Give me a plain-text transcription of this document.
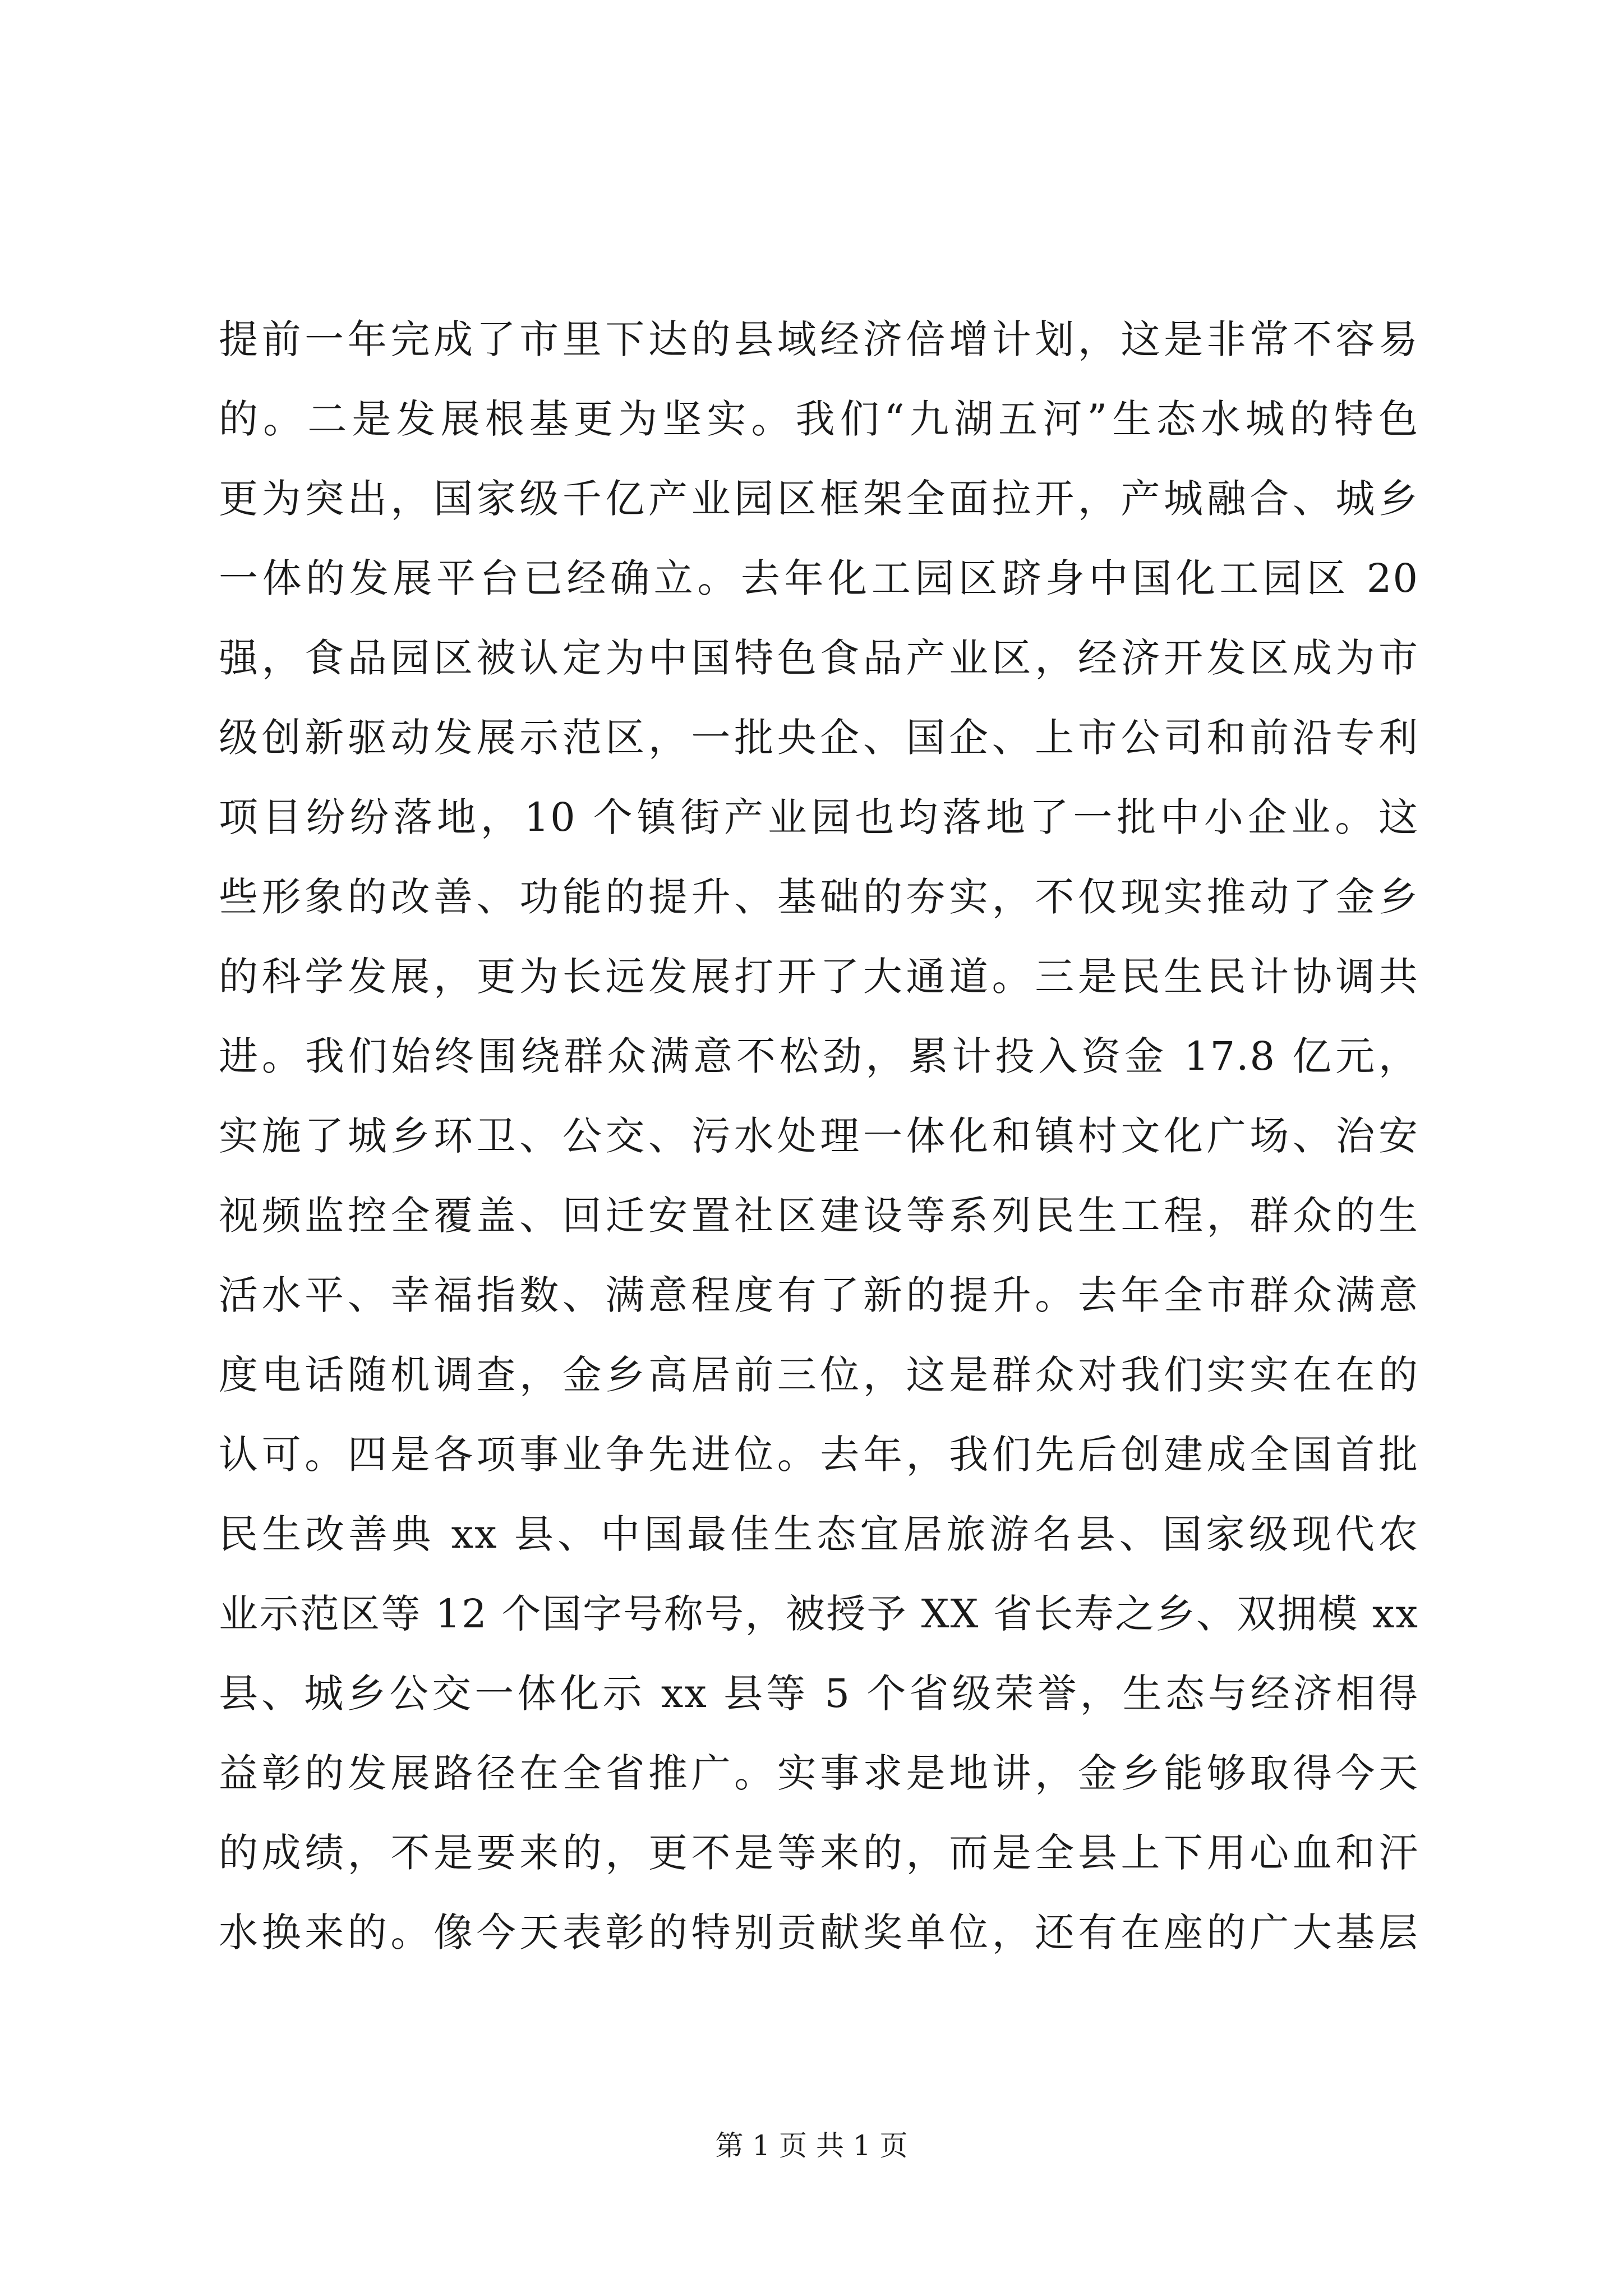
提前一年完成了市里下达的县域经济倍增计划，这是非常不容易
的。二是发展根基更为坚实。我们“九湖五河”生态水城的特色
更为突出，国家级千亿产业园区框架全面拉开，产城融合、城乡
一体的发展平台已经确立。去年化工园区跻身中国化工园区 20
强，食品园区被认定为中国特色食品产业区，经济开发区成为市
级创新驱动发展示范区，一批央企、国企、上市公司和前沿专利
项目纷纷落地，10 个镇街产业园也均落地了一批中小企业。这
些形象的改善、功能的提升、基础的夯实，不仅现实推动了金乡
的科学发展，更为长远发展打开了大通道。三是民生民计协调共
进。我们始终围绕群众满意不松劲，累计投入资金 17.8 亿元，
实施了城乡环卫、公交、污水处理一体化和镇村文化广场、治安
视频监控全覆盖、回迁安置社区建设等系列民生工程，群众的生
活水平、幸福指数、满意程度有了新的提升。去年全市群众满意
度电话随机调查，金乡高居前三位，这是群众对我们实实在在的
认可。四是各项事业争先进位。去年，我们先后创建成全国首批
民生改善典 xx 县、中国最佳生态宜居旅游名县、国家级现代农
业示范区等 12 个国字号称号，被授予 XX 省长寿之乡、双拥模 xx
县、城乡公交一体化示 xx 县等 5 个省级荣誉，生态与经济相得
益彰的发展路径在全省推广。实事求是地讲，金乡能够取得今天
的成绩，不是要来的，更不是等来的，而是全县上下用心血和汗
水换来的。像今天表彰的特别贡献奖单位，还有在座的广大基层
第 1 页 共 1 页
